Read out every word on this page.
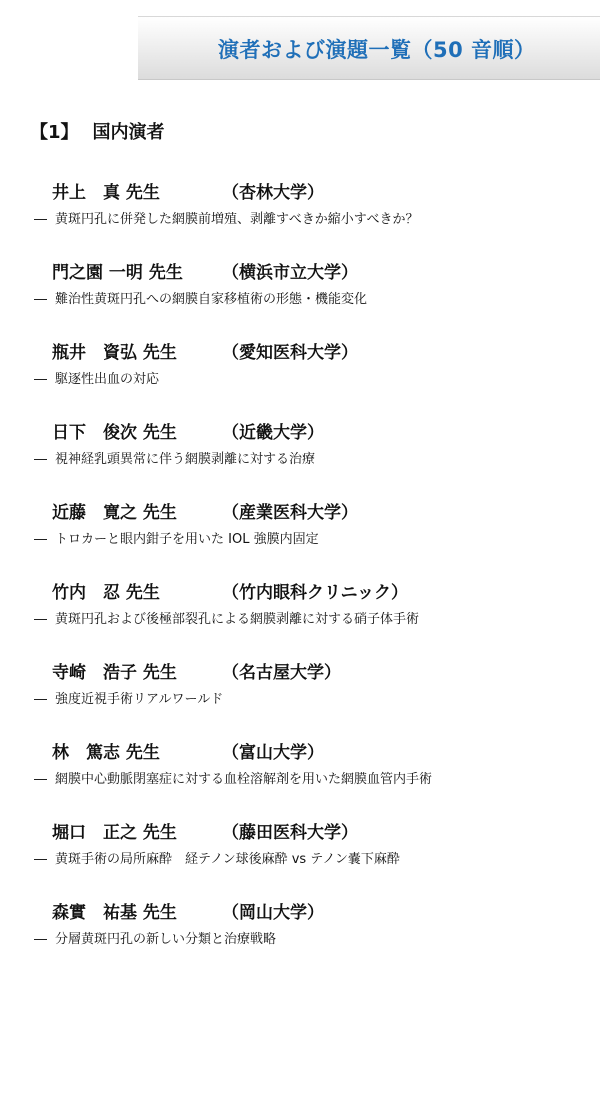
演者および演題一覧（50 音順）
【1】 国内演者
井上　真 先生	（杏林大学）
― 黄斑円孔に併発した網膜前増殖、剥離すべきか縮小すべきか？
門之園 一明 先生 （横浜市立大学）
― 難治性黄斑円孔への網膜自家移植術の形態・機能変化
瓶井　資弘 先生	（愛知医科大学）
― 駆逐性出血の対応
日下　俊次 先生	（近畿大学）
― 視神経乳頭異常に伴う網膜剥離に対する治療
近藤　寛之 先生	（産業医科大学）
― トロカーと眼内鉗子を用いた IOL 強膜内固定
竹内　忍 先生	（竹内眼科クリニック）
― 黄斑円孔および後極部裂孔による網膜剥離に対する硝子体手術
寺崎　浩子 先生	（名古屋大学）
― 強度近視手術リアルワールド
林　篤志 先生	（富山大学）
― 網膜中心動脈閉塞症に対する血栓溶解剤を用いた網膜血管内手術
堀口　正之 先生	（藤田医科大学）
― 黄斑手術の局所麻酔　経テノン球後麻酔 vs テノン嚢下麻酔
森實　祐基 先生	（岡山大学）
― 分層黄斑円孔の新しい分類と治療戦略
